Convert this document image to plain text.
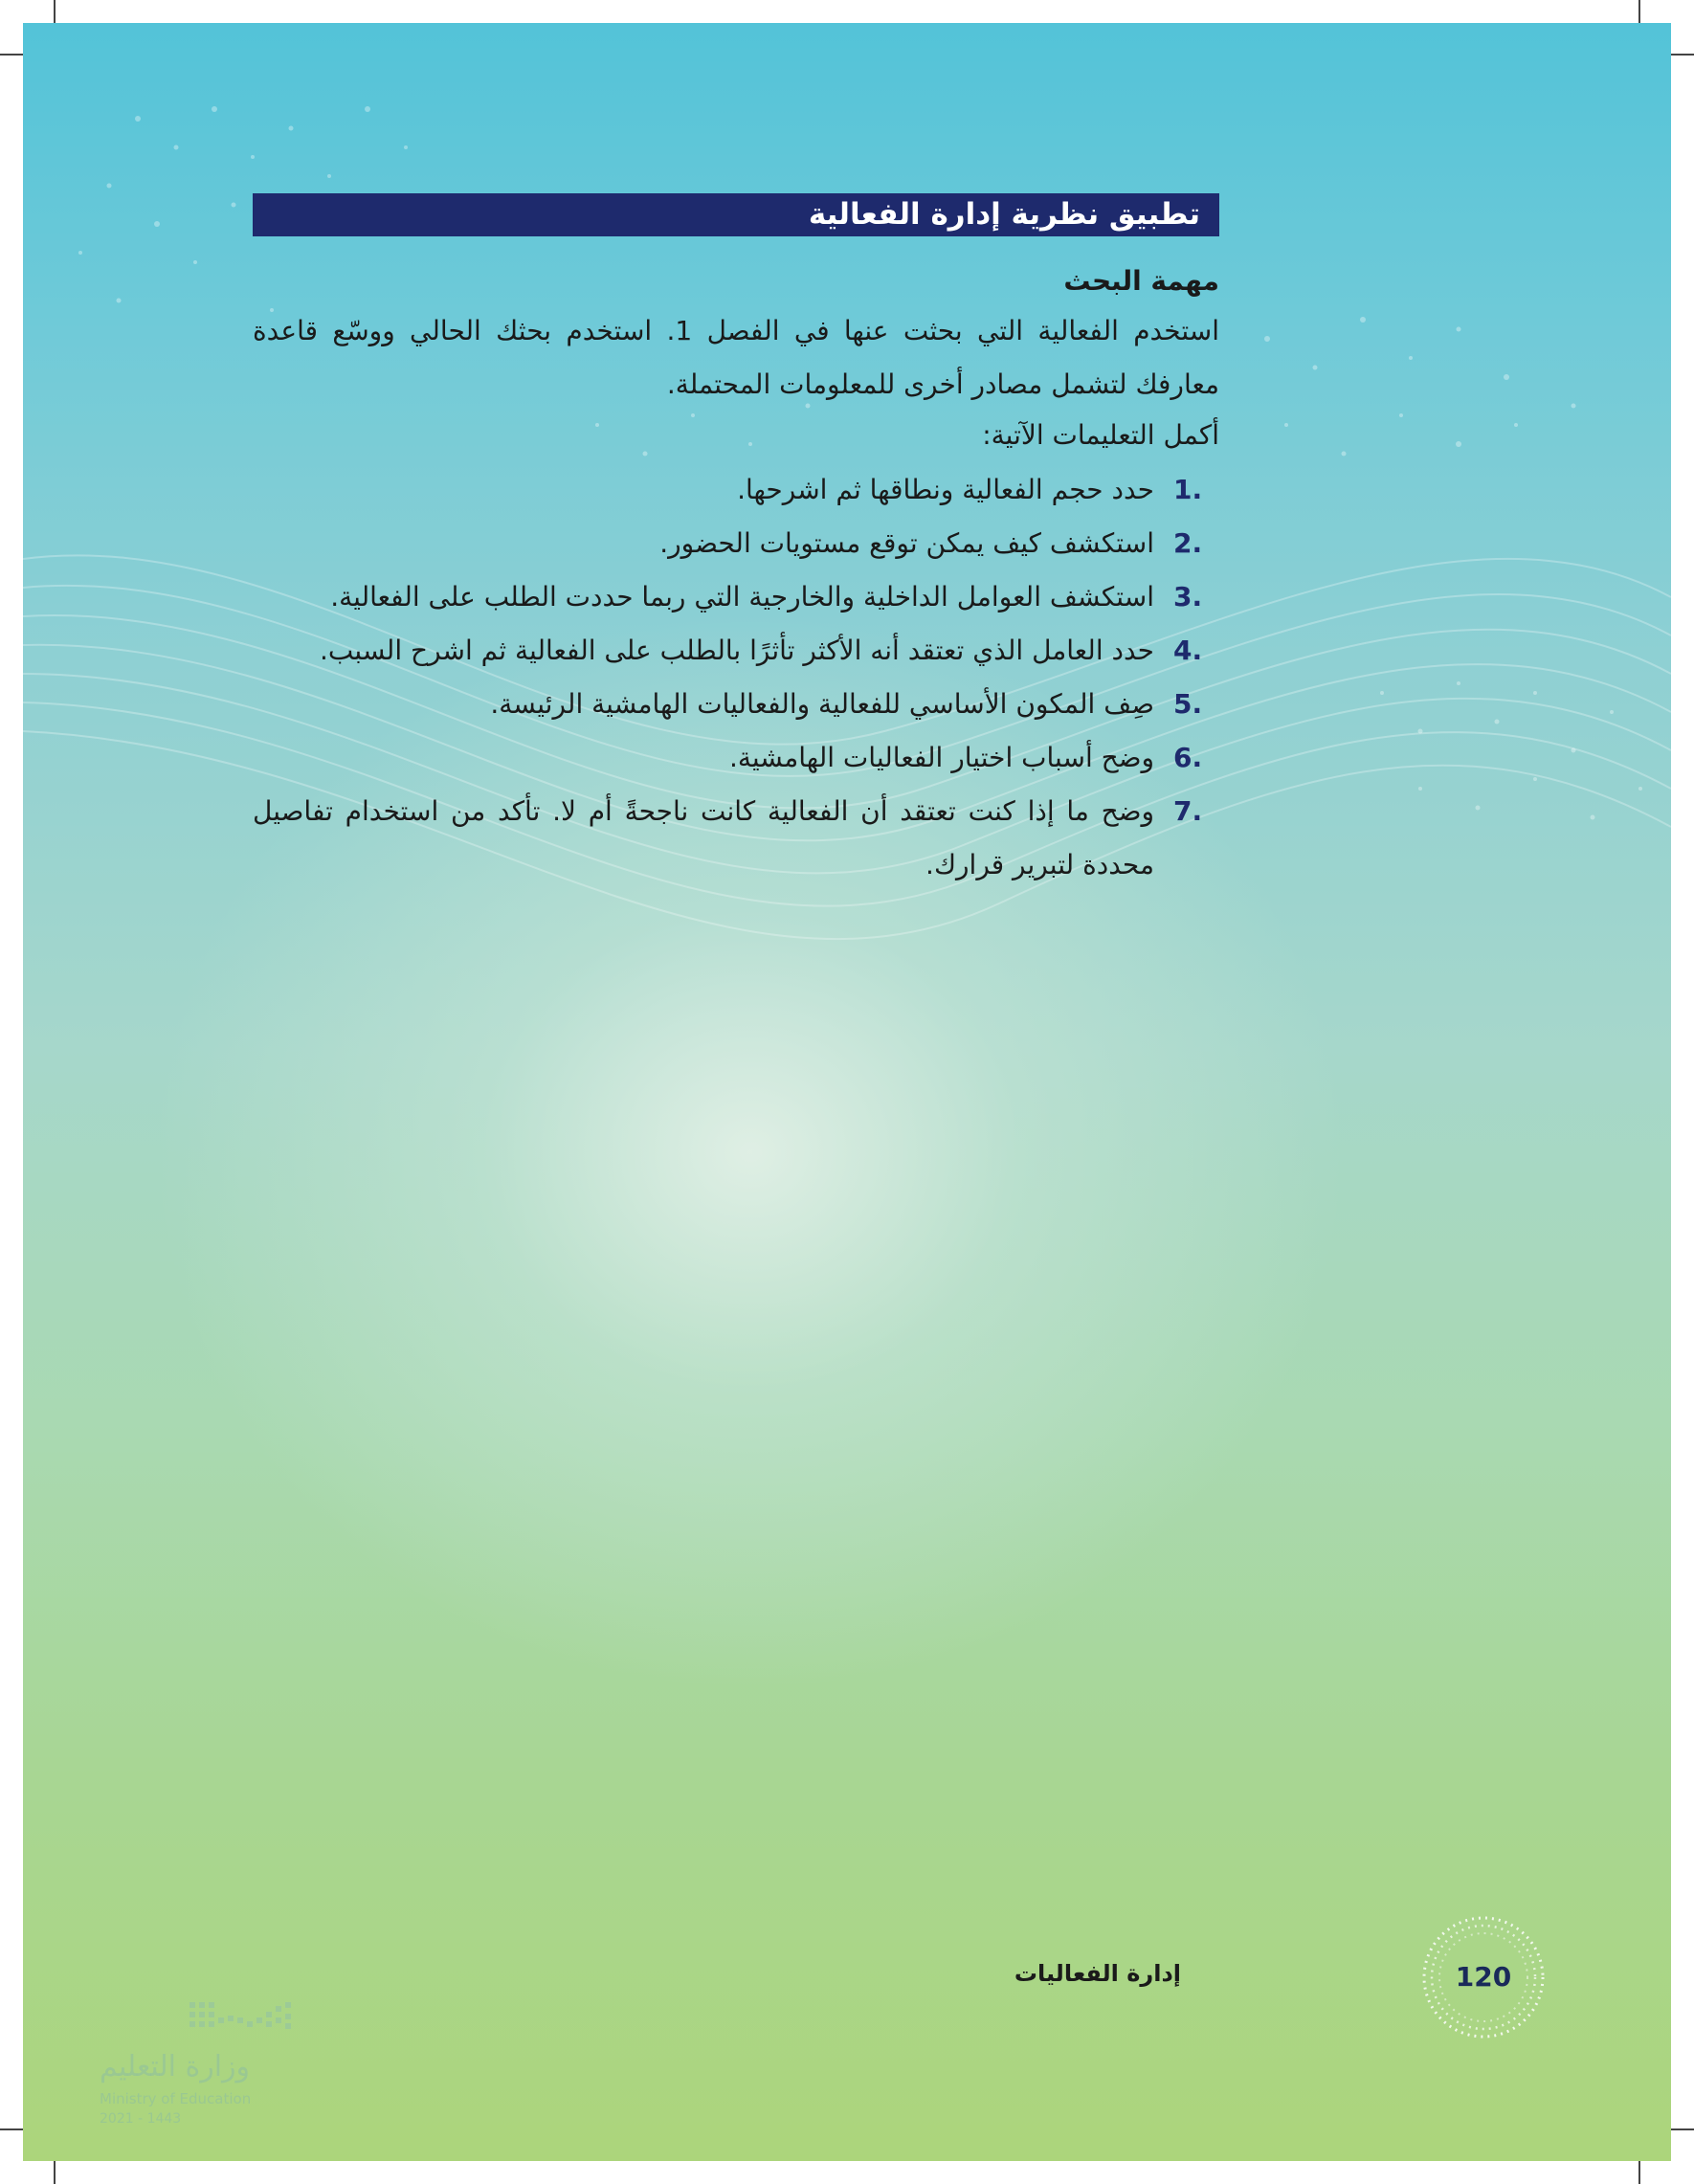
تطبيق نظرية إدارة الفعالية

مهمة البحث

استخدم الفعالية التي بحثت عنها في الفصل 1. استخدم بحثك الحالي ووسّع قاعدة معارفك لتشمل مصادر أخرى للمعلومات المحتملة.

أكمل التعليمات الآتية:

1.
حدد حجم الفعالية ونطاقها ثم اشرحها.
2.
استكشف كيف يمكن توقع مستويات الحضور.
3.
استكشف العوامل الداخلية والخارجية التي ربما حددت الطلب على الفعالية.
4.
حدد العامل الذي تعتقد أنه الأكثر تأثرًا بالطلب على الفعالية ثم اشرح السبب.
5.
صِف المكون الأساسي للفعالية والفعاليات الهامشية الرئيسة.
6.
وضح أسباب اختيار الفعاليات الهامشية.
7.
وضح ما إذا كنت تعتقد أن الفعالية كانت ناجحةً أم لا. تأكد من استخدام تفاصيل محددة لتبرير قرارك.
إدارة الفعاليات	120
وزارة التعليم
Ministry of Education
2021 - 1443
